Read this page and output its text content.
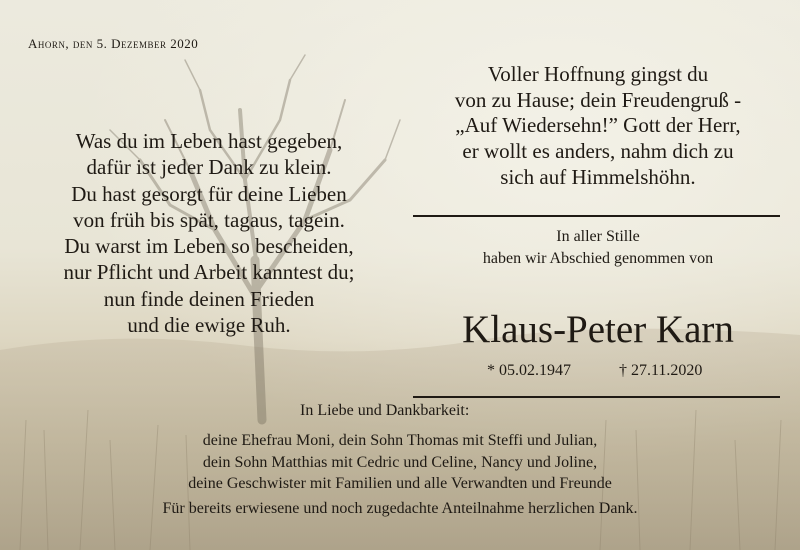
Ahorn, den 5. Dezember 2020
Was du im Leben hast gegeben,
dafür ist jeder Dank zu klein.
Du hast gesorgt für deine Lieben
von früh bis spät, tagaus, tagein.
Du warst im Leben so bescheiden,
nur Pflicht und Arbeit kanntest du;
nun finde deinen Frieden
und die ewige Ruh.
Voller Hoffnung gingst du
von zu Hause; dein Freudengruß -
„Auf Wiedersehn!” Gott der Herr,
er wollt es anders, nahm dich zu
sich auf Himmelshöhn.
In aller Stille
haben wir Abschied genommen von
Klaus-Peter Karn
* 05.02.1947	† 27.11.2020
In Liebe und Dankbarkeit:
deine Ehefrau Moni, dein Sohn Thomas mit Steffi und Julian,
dein Sohn Matthias mit Cedric und Celine, Nancy und Joline,
deine Geschwister mit Familien und alle Verwandten und Freunde
Für bereits erwiesene und noch zugedachte Anteilnahme herzlichen Dank.
